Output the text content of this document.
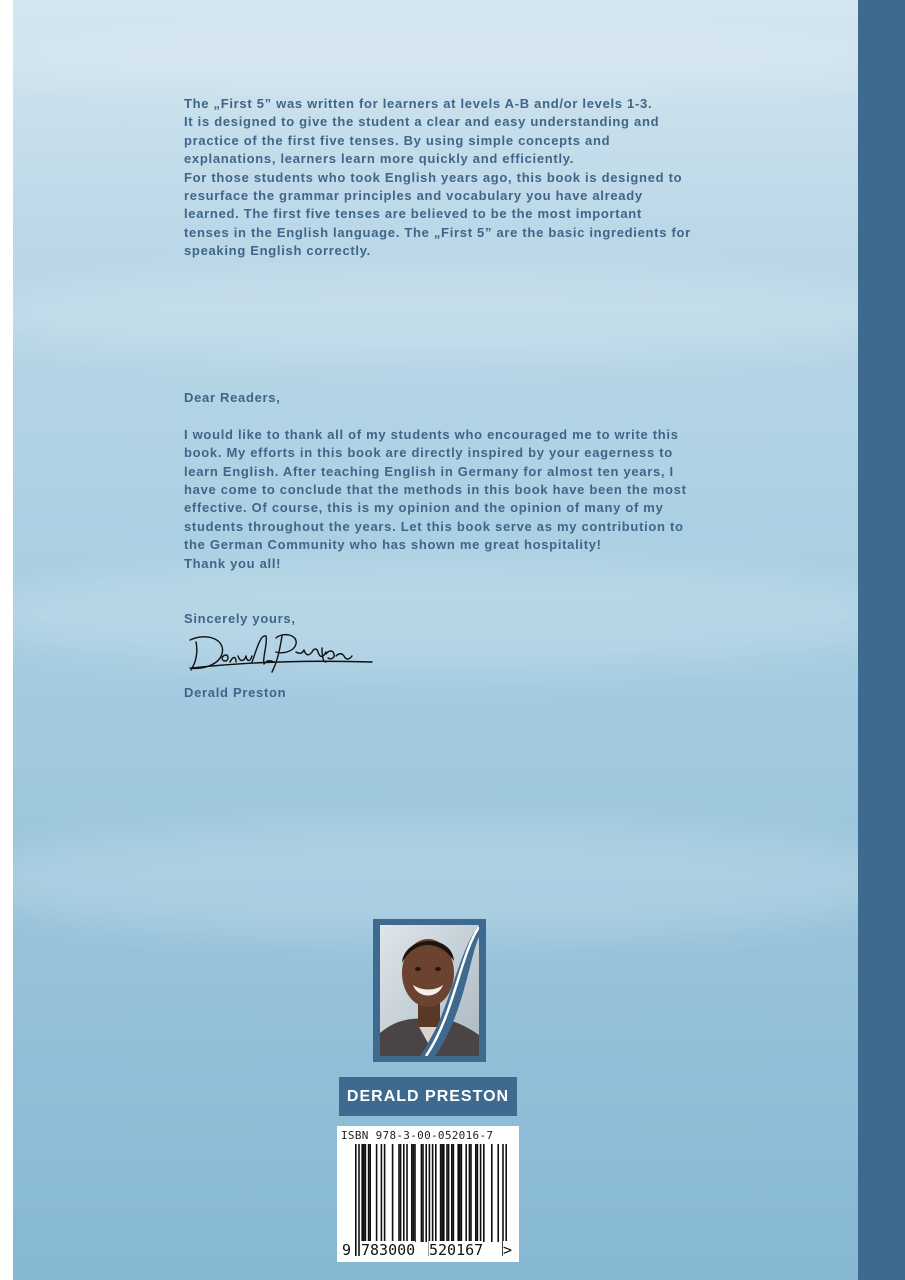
The „First 5” was written for learners at levels A-B and/or levels 1-3.

It is designed to give the student a clear and easy understanding and

practice of the first five tenses. By using simple concepts and

explanations, learners learn more quickly and efficiently.

For those students who took English years ago, this book is designed to

resurface the grammar principles and vocabulary you have already

learned. The first five tenses are believed to be the most important

tenses in the English language. The „First 5” are the basic ingredients for

speaking English correctly.

Dear Readers,

I would like to thank all of my students who encouraged me to write this

book. My efforts in this book are directly inspired by your eagerness to

learn English. After teaching English in Germany for almost ten years, I

have come to conclude that the methods in this book have been the most

effective. Of course, this is my opinion and the opinion of many of my

students throughout the years. Let this book serve as my contribution to

the German Community who has shown me great hospitality!

Thank you all!

Sincerely yours,
Derald Preston
DERALD PRESTON
ISBN 978-3-00-052016-7
9 783000 520167 >
